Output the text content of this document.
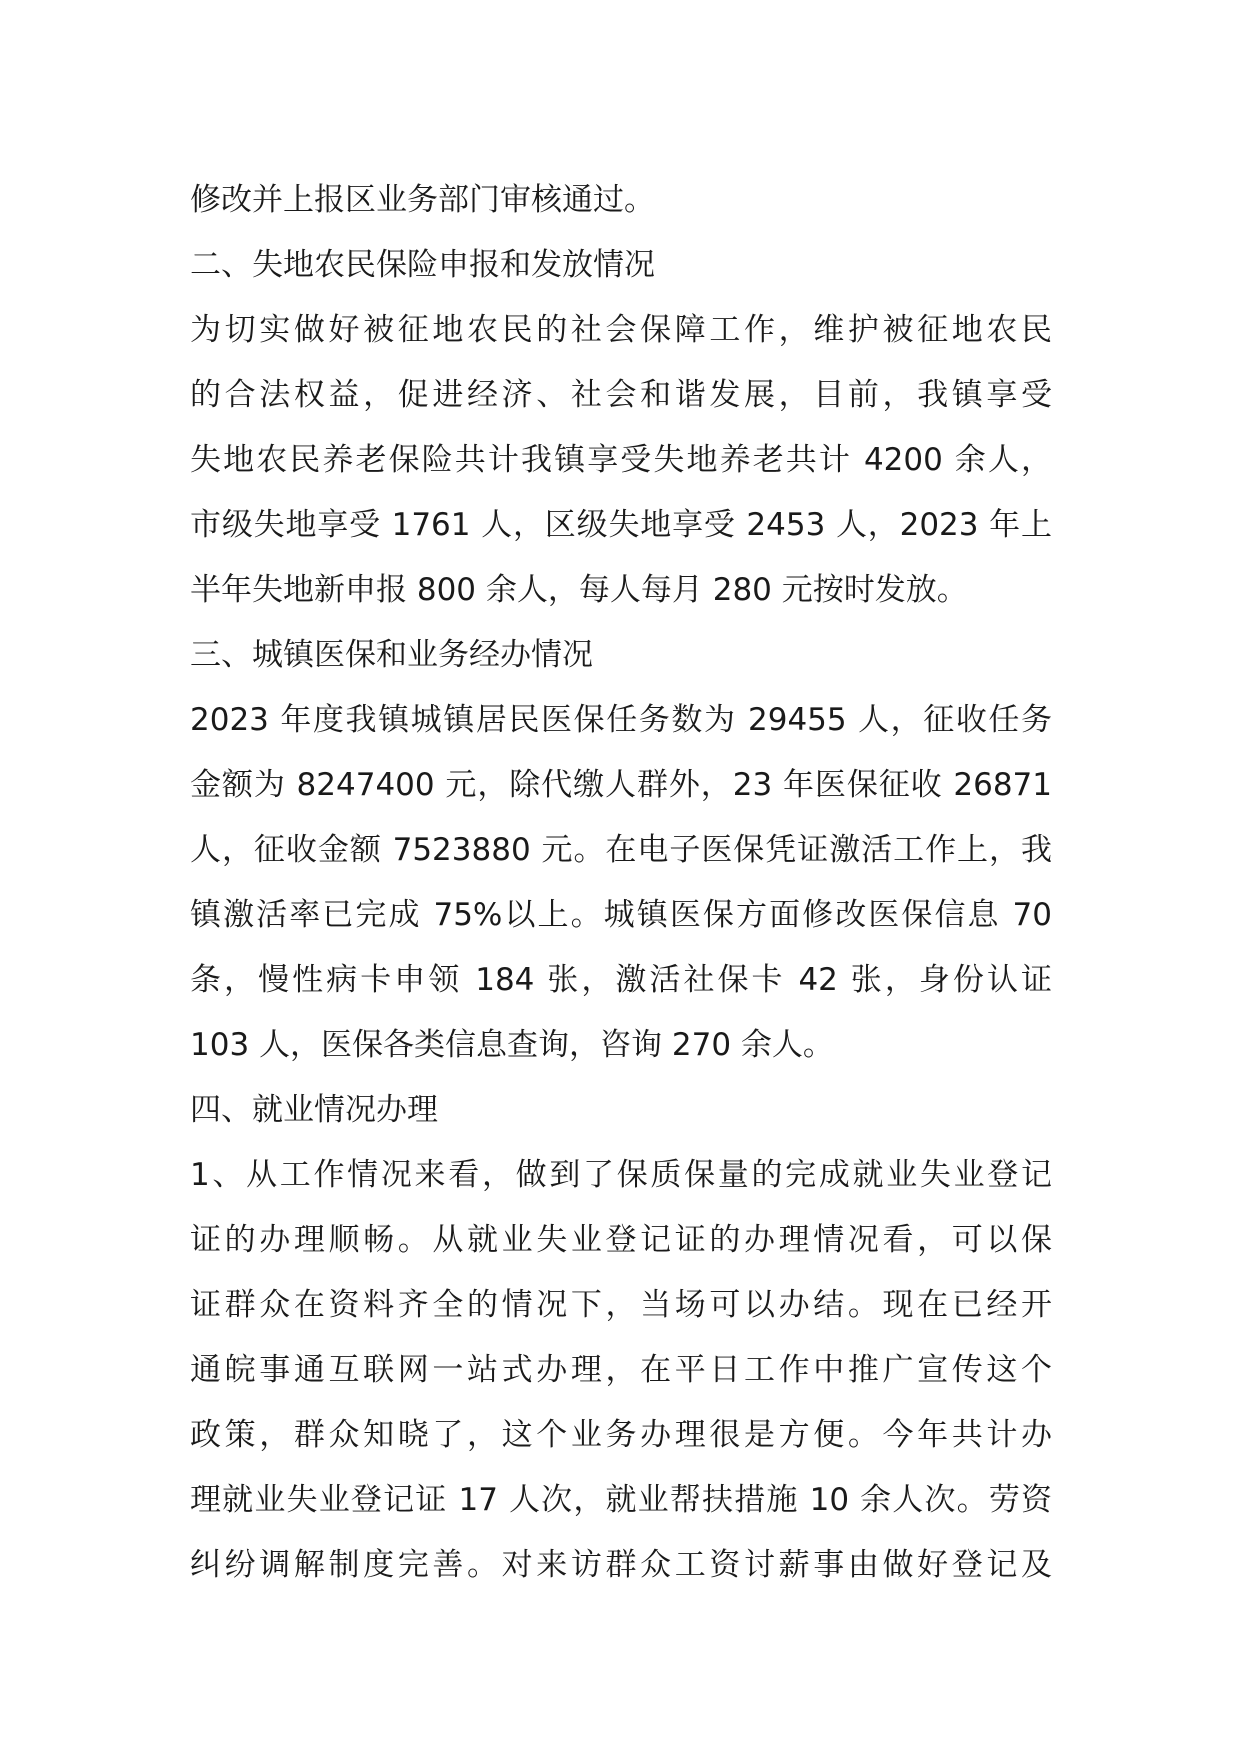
修改并上报区业务部门审核通过。
二、失地农民保险申报和发放情况
为切实做好被征地农民的社会保障工作，维护被征地农民
的合法权益，促进经济、社会和谐发展，目前，我镇享受
失地农民养老保险共计我镇享受失地养老共计 4200 余人，
市级失地享受 1761 人，区级失地享受 2453 人，2023 年上
半年失地新申报 800 余人，每人每月 280 元按时发放。
三、城镇医保和业务经办情况
2023 年度我镇城镇居民医保任务数为 29455 人，征收任务
金额为 8247400 元，除代缴人群外，23 年医保征收 26871
人，征收金额 7523880 元。在电子医保凭证激活工作上，我
镇激活率已完成 75%以上。城镇医保方面修改医保信息 70
条，慢性病卡申领 184 张，激活社保卡 42 张，身份认证
103 人，医保各类信息查询，咨询 270 余人。
四、就业情况办理
1、从工作情况来看，做到了保质保量的完成就业失业登记
证的办理顺畅。从就业失业登记证的办理情况看，可以保
证群众在资料齐全的情况下，当场可以办结。现在已经开
通皖事通互联网一站式办理，在平日工作中推广宣传这个
政策，群众知晓了，这个业务办理很是方便。今年共计办
理就业失业登记证 17 人次，就业帮扶措施 10 余人次。劳资
纠纷调解制度完善。对来访群众工资讨薪事由做好登记及
